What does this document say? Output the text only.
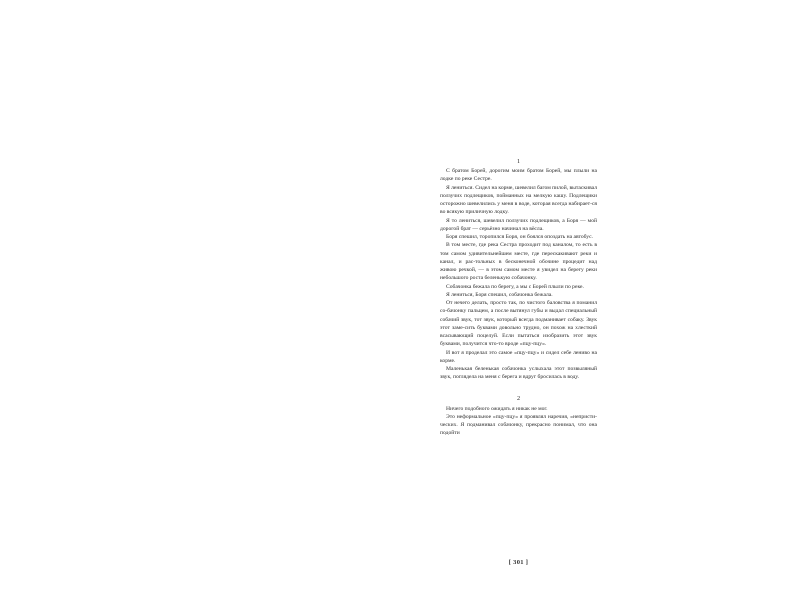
1

С братом Борей, дорогим моим братом Борей, мы плыли на лодке по реке Сестре.

Я лениться. Сидел на корме, шевелил багом пилой, вытаскивал ползучих подлещиков, пойманных на мелкую кашу. Подлещики осторожно шевелились у меня в воде, которая всегда набирает-ся во всякую приличную лодку.

Я то лениться, шевелил ползучих подлещиков, а Боря — мой дорогой брат — серьёзно начинал на вёсла.

Боря спешил, торопился Боря, он боялся опоздать на автобус.

В том месте, где река Сестра проходит под каналом, то есть в том самом удивительнейшем месте, где перескакивают реки и канал, и рас-тольных в бесконечной обочине процедит над живою речкой, — в этом самом месте я увидел на берегу реки небольшого роста беленькую собачонку.

Собачонка бежала по берегу, а мы с Борей плыли по реке.

Я лениться, Боря спешил, собачонка бежала.

От нечего делать, просто так, по чистого баловства я поманил со-бачонку пальцем, а после вытянул губы и выдал специальный собачий звук, тот звук, который всегда подманивает собаку. Звук этот заме-сить буквами довольно трудно, он похож на хлесткий всасывающий поцелуй. Если пытаться изобразить этот звук буквами, получится что-то вроде «пцу-пцу».

И вот я проделал это самое «пцу-пцу» и сидел себе лениво на корме.

Маленькая беленькая собачонка услыхала этот позвыляный звук, поглядела на меня с берега и вдруг бросилась в воду.

2

Ничего подобного ожидать я никак не мог.

Это неформальное «пцу-пцу» я проявлял наречия, «непристи-ческих. Я подманивал собачонку, прекрасно понимал, что она подойти

[ 301 ]
